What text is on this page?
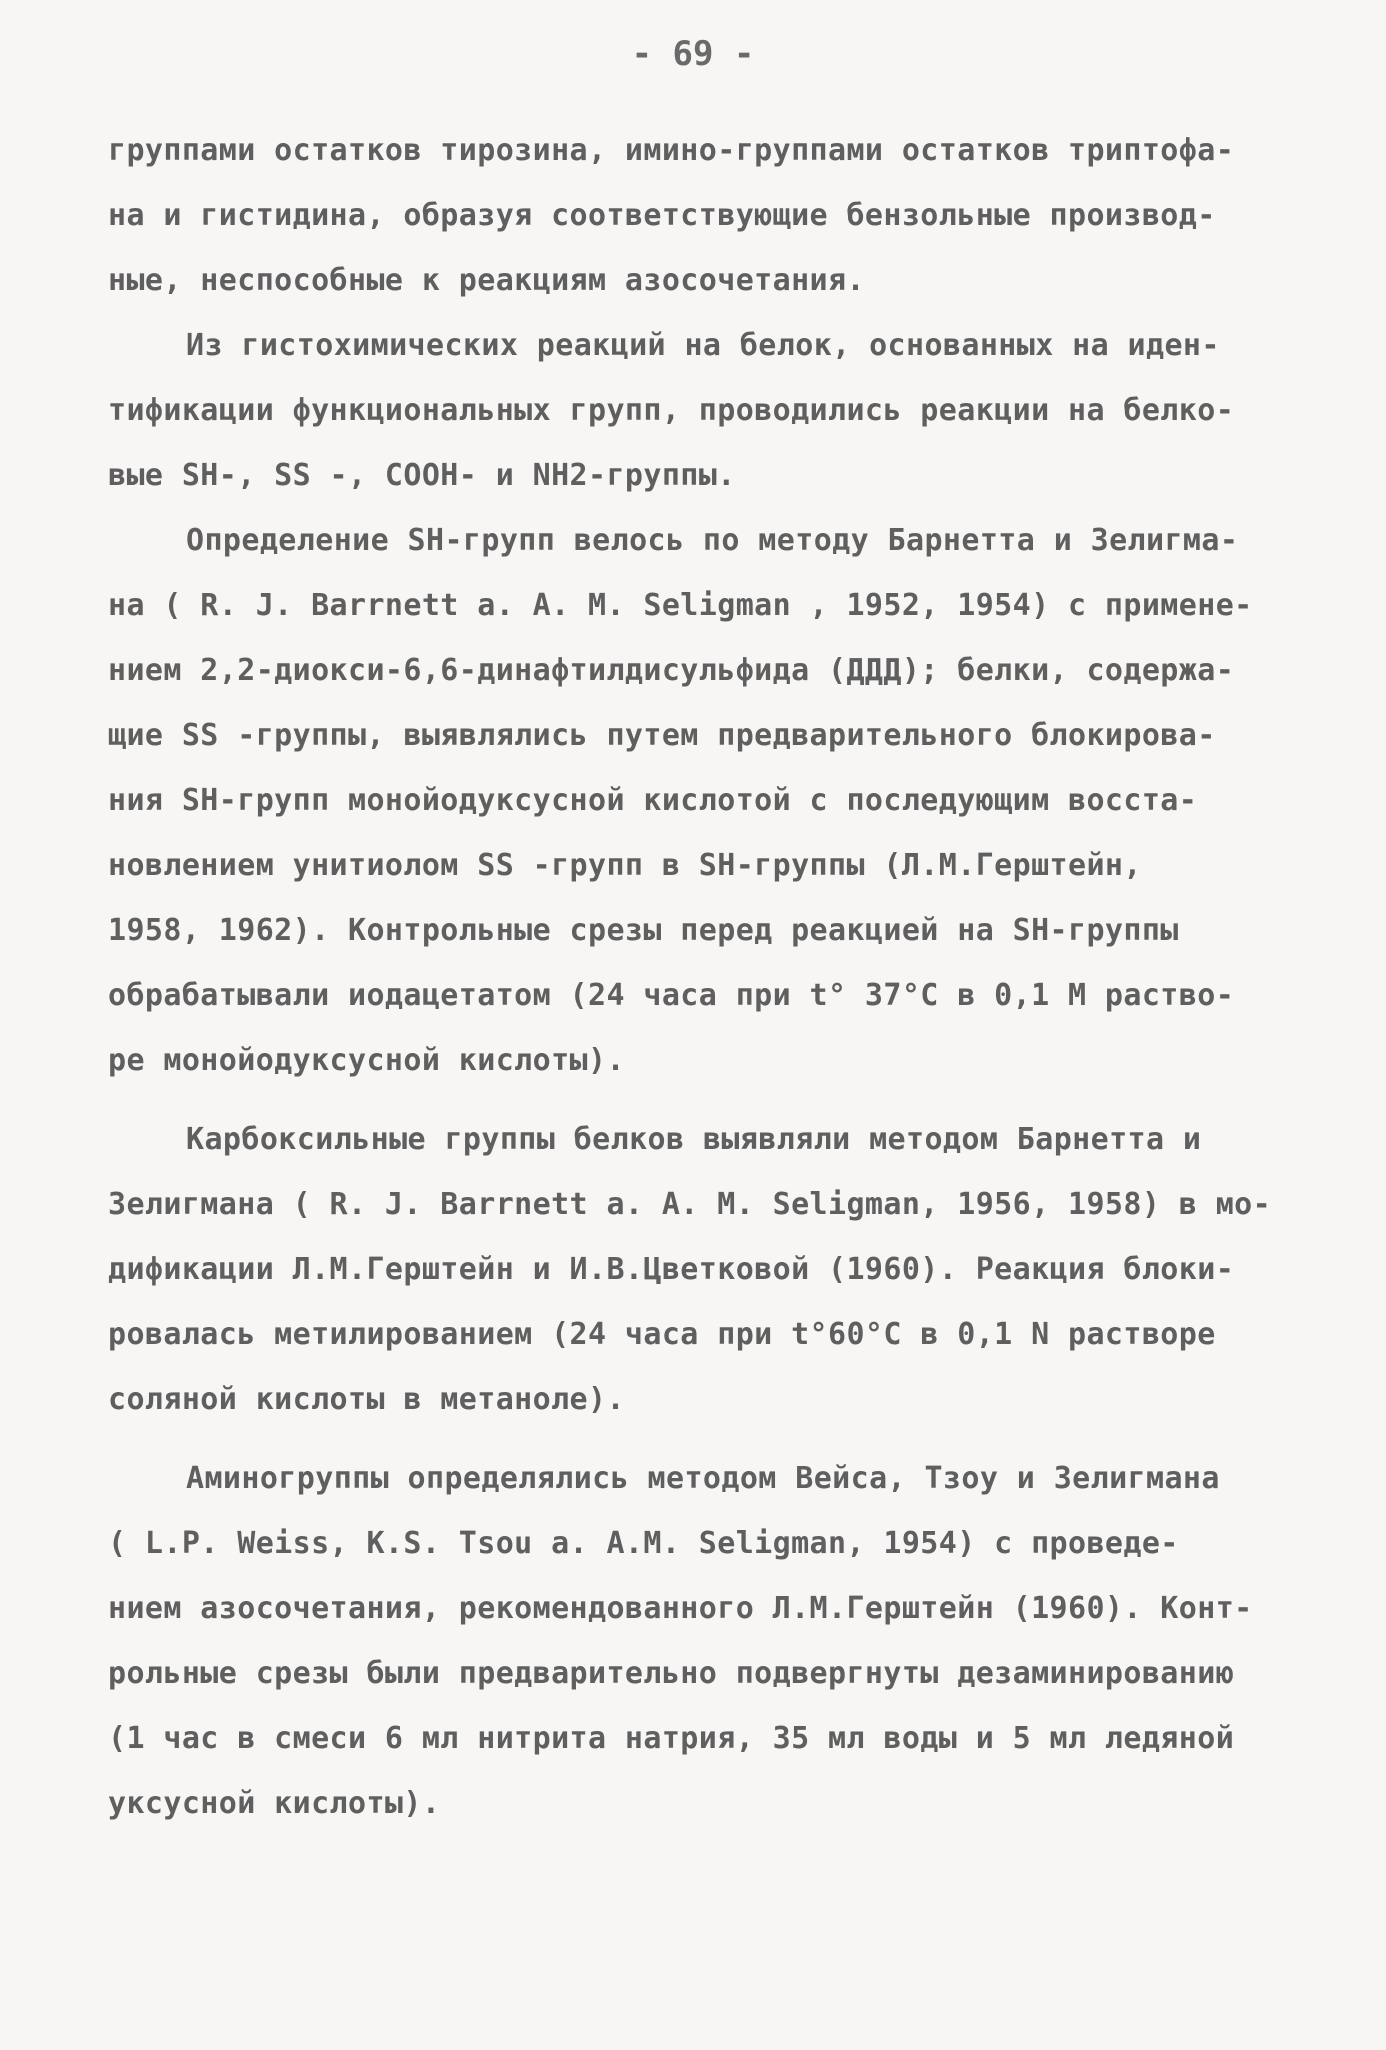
- 69 -
группами остатков тирозина, имино-группами остатков триптофа-
на и гистидина, образуя соответствующие бензольные производ-
ные, неспособные к реакциям азосочетания.
Из гистохимических реакций на белок, основанных на иден-
тификации функциональных групп, проводились реакции на белко-
вые SH-, SS -, COOH- и NH2-группы.
Определение SH-групп велось по методу Барнетта и Зелигма-
на ( R. J. Barrnett a. A. M. Seligman , 1952, 1954) с примене-
нием 2,2-диокси-6,6-динафтилдисульфида (ДДД); белки, содержа-
щие SS -группы, выявлялись путем предварительного блокирова-
ния SH-групп монойодуксусной кислотой с последующим восста-
новлением унитиолом SS -групп в SH-группы (Л.М.Герштейн,
1958, 1962). Контрольные срезы перед реакцией на SH-группы
обрабатывали иодацетатом (24 часа при t° 37°С в 0,1 М раство-
ре монойодуксусной кислоты).
Карбоксильные группы белков выявляли методом Барнетта и
Зелигмана ( R. J. Barrnett a. A. M. Seligman, 1956, 1958) в мо-
дификации Л.М.Герштейн и И.В.Цветковой (1960). Реакция блоки-
ровалась метилированием (24 часа при t°60°С в 0,1 N растворе
соляной кислоты в метаноле).
Аминогруппы определялись методом Вейса, Тзоу и Зелигмана
( L.P. Weiss, K.S. Tsou a. A.M. Seligman, 1954) с проведе-
нием азосочетания, рекомендованного Л.М.Герштейн (1960). Конт-
рольные срезы были предварительно подвергнуты дезаминированию
(1 час в смеси 6 мл нитрита натрия, 35 мл воды и 5 мл ледяной
уксусной кислоты).
